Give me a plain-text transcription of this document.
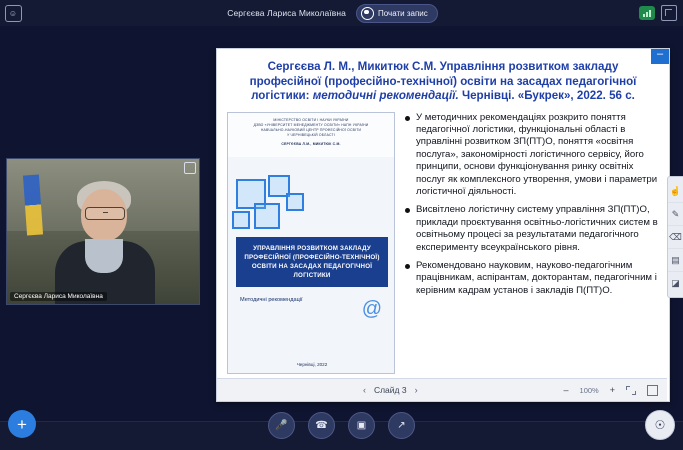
☺	Сергєєва Лариса Миколаївна	Почати запис
–
Сергєєва Л. М., Микитюк С.М. Управління розвитком закладу професійної (професійно-технічної) освіти на засадах педагогічної логістики: методичні рекомендації. Чернівці. «Букрек», 2022. 56 с.
МІНІСТЕРСТВО ОСВІТИ І НАУКИ УКРАЇНИ
ДЗВО «УНІВЕРСИТЕТ МЕНЕДЖМЕНТУ ОСВІТИ» НАПН УКРАЇНИ
НАВЧАЛЬНО-НАУКОВИЙ ЦЕНТР ПРОФЕСІЙНОЇ ОСВІТИ
У ЧЕРНІВЕЦЬКІЙ ОБЛАСТІ
СЕРГЄЄВА Л.М., МИКИТЮК С.М.
УПРАВЛІННЯ РОЗВИТКОМ ЗАКЛАДУ ПРОФЕСІЙНОЇ (ПРОФЕСІЙНО-ТЕХНІЧНОЇ) ОСВІТИ НА ЗАСАДАХ ПЕДАГОГІЧНОЇ ЛОГІСТИКИ
Методичні рекомендації	@
Чернівці, 2022
У методичних рекомендаціях розкрито поняття педагогічної логістики, функціональні області в управлінні розвитком ЗП(ПТ)О, поняття «освітня послуга», закономірності логістичного сервісу, його принципи, основи функціонування ринку освітніх послуг як комплексного утворення, умови і параметри логістичної діяльності.
Висвітлено логістичну систему управління ЗП(ПТ)О, приклади проєктування освітньо-логістичних систем в освітньому процесі за результатами педагогічного експерименту всеукраїнського рівня.
Рекомендовано науковим, науково-педагогічним працівникам, аспірантам, докторантам, педагогічним і керівним кадрам установ і закладів П(ПТ)О.
‹ Слайд 3 ›	– 100% +
Сергєєва Лариса Миколаївна
☝
✎
⌫
▤
◪
+	🎤	☎	▣	↗	☉
